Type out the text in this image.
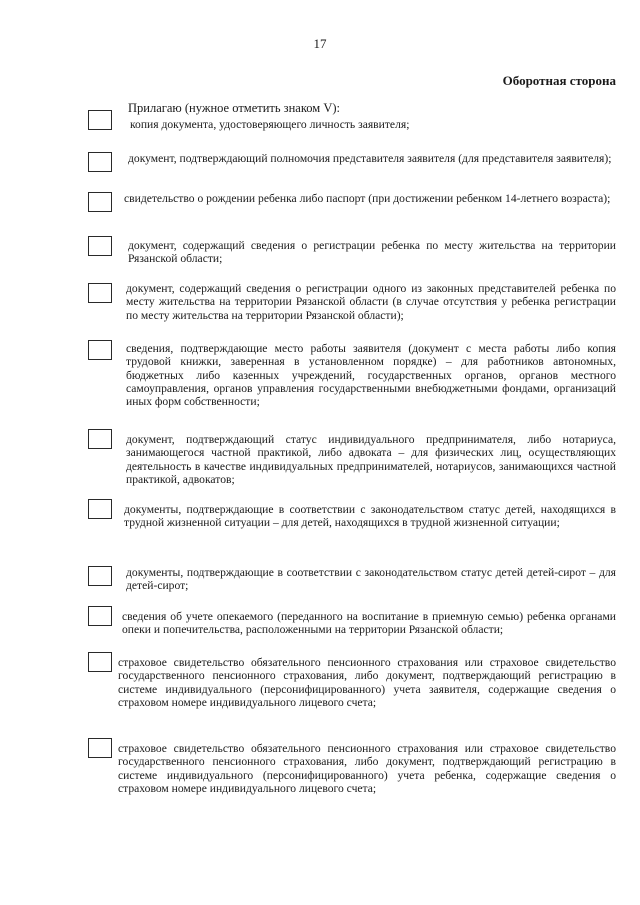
17
Оборотная сторона
Прилагаю (нужное отметить знаком V):
копия документа, удостоверяющего личность заявителя;
документ, подтверждающий полномочия представителя заявителя (для представителя заявителя);
свидетельство о рождении ребенка либо паспорт (при достижении ребенком 14-летнего возраста);
документ, содержащий сведения о регистрации ребенка по месту жительства на территории Рязанской области;
документ, содержащий сведения о регистрации одного из законных представителей ребенка по месту жительства на территории Рязанской области (в случае отсутствия у ребенка регистрации по месту жительства на территории Рязанской области);
сведения, подтверждающие место работы заявителя (документ с места работы либо копия трудовой книжки, заверенная в установленном порядке) – для работников автономных, бюджетных либо казенных учреждений, государственных органов, органов местного самоуправления, органов управления государственными внебюджетными фондами, организаций иных форм собственности;
документ, подтверждающий статус индивидуального предпринимателя, либо нотариуса, занимающегося частной практикой, либо адвоката – для физических лиц, осуществляющих деятельность в качестве индивидуальных предпринимателей, нотариусов, занимающихся частной практикой, адвокатов;
документы, подтверждающие в соответствии с законодательством статус детей, находящихся в трудной жизненной ситуации – для детей, находящихся в трудной жизненной ситуации;
документы, подтверждающие в соответствии с законодательством статус детей детей-сирот – для детей-сирот;
сведения об учете опекаемого (переданного на воспитание в приемную семью) ребенка органами опеки и попечительства, расположенными на территории Рязанской области;
страховое свидетельство обязательного пенсионного страхования или страховое свидетельство государственного пенсионного страхования, либо документ, подтверждающий регистрацию в системе индивидуального (персонифицированного) учета заявителя, содержащие сведения о страховом номере индивидуального лицевого счета;
страховое свидетельство обязательного пенсионного страхования или страховое свидетельство государственного пенсионного страхования, либо документ, подтверждающий регистрацию в системе индивидуального (персонифицированного) учета ребенка, содержащие сведения о страховом номере индивидуального лицевого счета;
